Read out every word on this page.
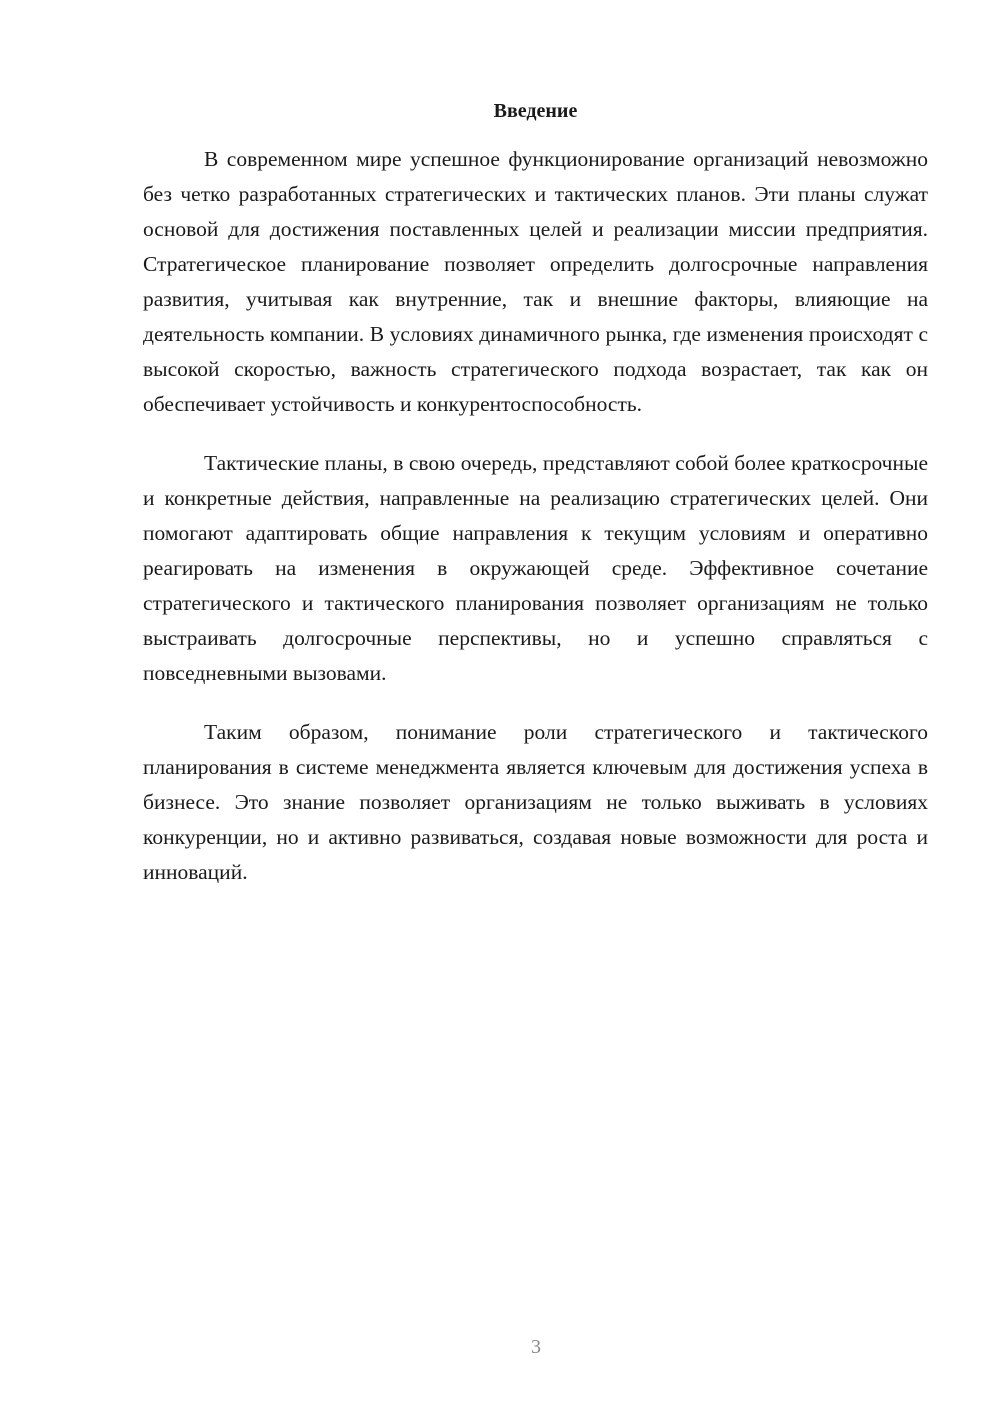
Введение

В современном мире успешное функционирование организаций невозможно без четко разработанных стратегических и тактических планов. Эти планы служат основой для достижения поставленных целей и реализации миссии предприятия. Стратегическое планирование позволяет определить долгосрочные направления развития, учитывая как внутренние, так и внешние факторы, влияющие на деятельность компании. В условиях динамичного рынка, где изменения происходят с высокой скоростью, важность стратегического подхода возрастает, так как он обеспечивает устойчивость и конкурентоспособность.

Тактические планы, в свою очередь, представляют собой более краткосрочные и конкретные действия, направленные на реализацию стратегических целей. Они помогают адаптировать общие направления к текущим условиям и оперативно реагировать на изменения в окружающей среде. Эффективное сочетание стратегического и тактического планирования позволяет организациям не только выстраивать долгосрочные перспективы, но и успешно справляться с повседневными вызовами.

Таким образом, понимание роли стратегического и тактического планирования в системе менеджмента является ключевым для достижения успеха в бизнесе. Это знание позволяет организациям не только выживать в условиях конкуренции, но и активно развиваться, создавая новые возможности для роста и инноваций.

3
